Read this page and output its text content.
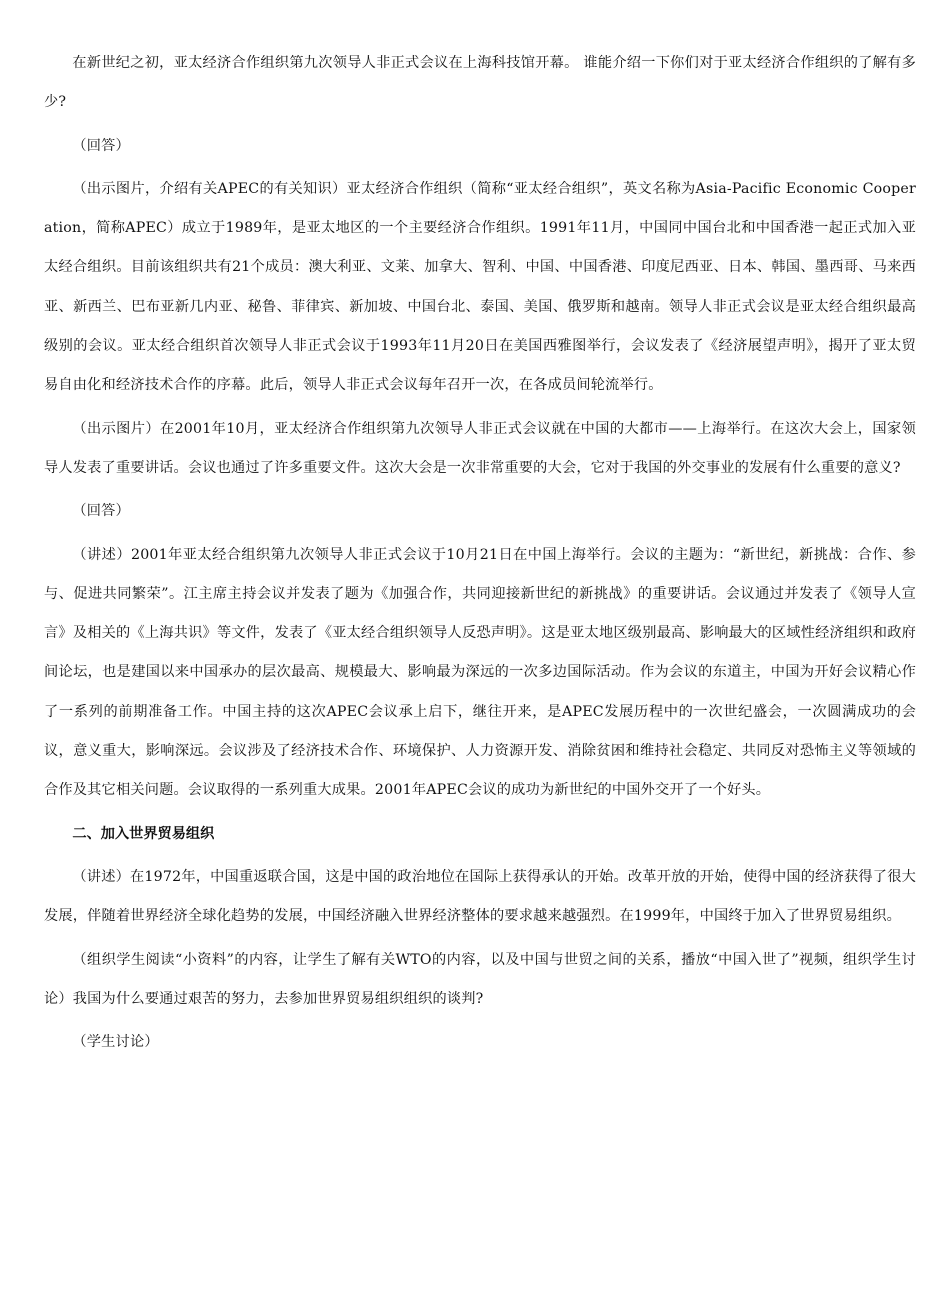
在新世纪之初，亚太经济合作组织第九次领导人非正式会议在上海科技馆开幕。 谁能介绍一下你们对于亚太经济合作组织的了解有多少?

（回答）

（出示图片，介绍有关APEC的有关知识）亚太经济合作组织（简称“亚太经合组织”，英文名称为Asia-Pacific Economic Cooperation，简称APEC）成立于1989年，是亚太地区的一个主要经济合作组织。1991年11月，中国同中国台北和中国香港一起正式加入亚太经合组织。目前该组织共有21个成员：澳大利亚、文莱、加拿大、智利、中国、中国香港、印度尼西亚、日本、韩国、墨西哥、马来西亚、新西兰、巴布亚新几内亚、秘鲁、菲律宾、新加坡、中国台北、泰国、美国、俄罗斯和越南。领导人非正式会议是亚太经合组织最高级别的会议。亚太经合组织首次领导人非正式会议于1993年11月20日在美国西雅图举行，会议发表了《经济展望声明》，揭开了亚太贸易自由化和经济技术合作的序幕。此后，领导人非正式会议每年召开一次，在各成员间轮流举行。

（出示图片）在2001年10月，亚太经济合作组织第九次领导人非正式会议就在中国的大都市——上海举行。在这次大会上，国家领导人发表了重要讲话。会议也通过了许多重要文件。这次大会是一次非常重要的大会，它对于我国的外交事业的发展有什么重要的意义?

（回答）

（讲述）2001年亚太经合组织第九次领导人非正式会议于10月21日在中国上海举行。会议的主题为：“新世纪，新挑战：合作、参与、促进共同繁荣”。江主席主持会议并发表了题为《加强合作，共同迎接新世纪的新挑战》的重要讲话。会议通过并发表了《领导人宣言》及相关的《上海共识》等文件，发表了《亚太经合组织领导人反恐声明》。这是亚太地区级别最高、影响最大的区域性经济组织和政府间论坛，也是建国以来中国承办的层次最高、规模最大、影响最为深远的一次多边国际活动。作为会议的东道主，中国为开好会议精心作了一系列的前期准备工作。中国主持的这次APEC会议承上启下，继往开来，是APEC发展历程中的一次世纪盛会，一次圆满成功的会议，意义重大，影响深远。会议涉及了经济技术合作、环境保护、人力资源开发、消除贫困和维持社会稳定、共同反对恐怖主义等领域的合作及其它相关问题。会议取得的一系列重大成果。2001年APEC会议的成功为新世纪的中国外交开了一个好头。

二、加入世界贸易组织

（讲述）在1972年，中国重返联合国，这是中国的政治地位在国际上获得承认的开始。改革开放的开始，使得中国的经济获得了很大发展，伴随着世界经济全球化趋势的发展，中国经济融入世界经济整体的要求越来越强烈。在1999年，中国终于加入了世界贸易组织。

（组织学生阅读“小资料”的内容，让学生了解有关WTO的内容，以及中国与世贸之间的关系，播放“中国入世了”视频，组织学生讨论）我国为什么要通过艰苦的努力，去参加世界贸易组织组织的谈判?

（学生讨论）
